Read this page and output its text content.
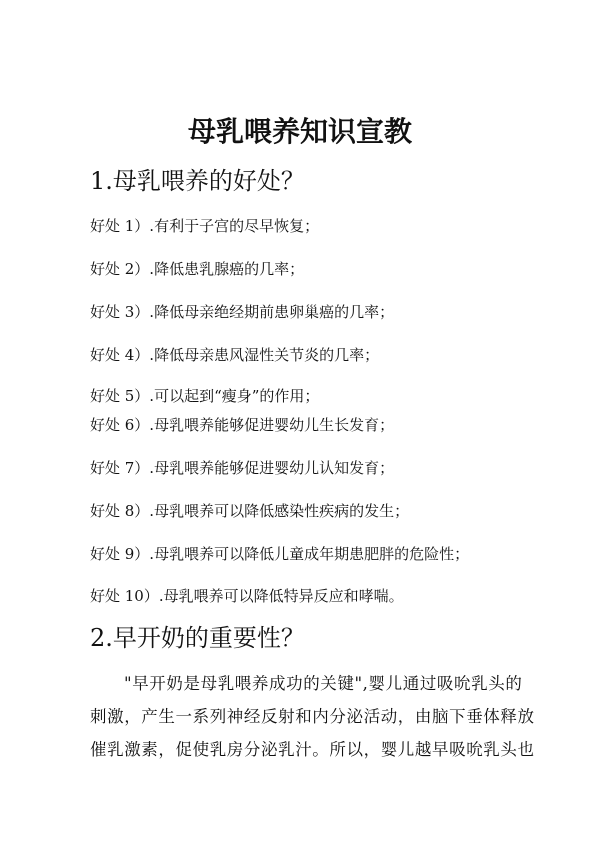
母乳喂养知识宣教
1.母乳喂养的好处？
好处 1）.有利于子宫的尽早恢复；
好处 2）.降低患乳腺癌的几率；
好处 3）.降低母亲绝经期前患卵巢癌的几率；
好处 4）.降低母亲患风湿性关节炎的几率；
好处 5）.可以起到“瘦身”的作用；
好处 6）.母乳喂养能够促进婴幼儿生长发育；
好处 7）.母乳喂养能够促进婴幼儿认知发育；
好处 8）.母乳喂养可以降低感染性疾病的发生；
好处 9）.母乳喂养可以降低儿童成年期患肥胖的危险性；
好处 10）.母乳喂养可以降低特异反应和哮喘。
2.早开奶的重要性？
"早开奶是母乳喂养成功的关键",婴儿通过吸吮乳头的
刺激，产生一系列神经反射和内分泌活动，由脑下垂体释放
催乳激素，促使乳房分泌乳汁。所以，婴儿越早吸吮乳头也
